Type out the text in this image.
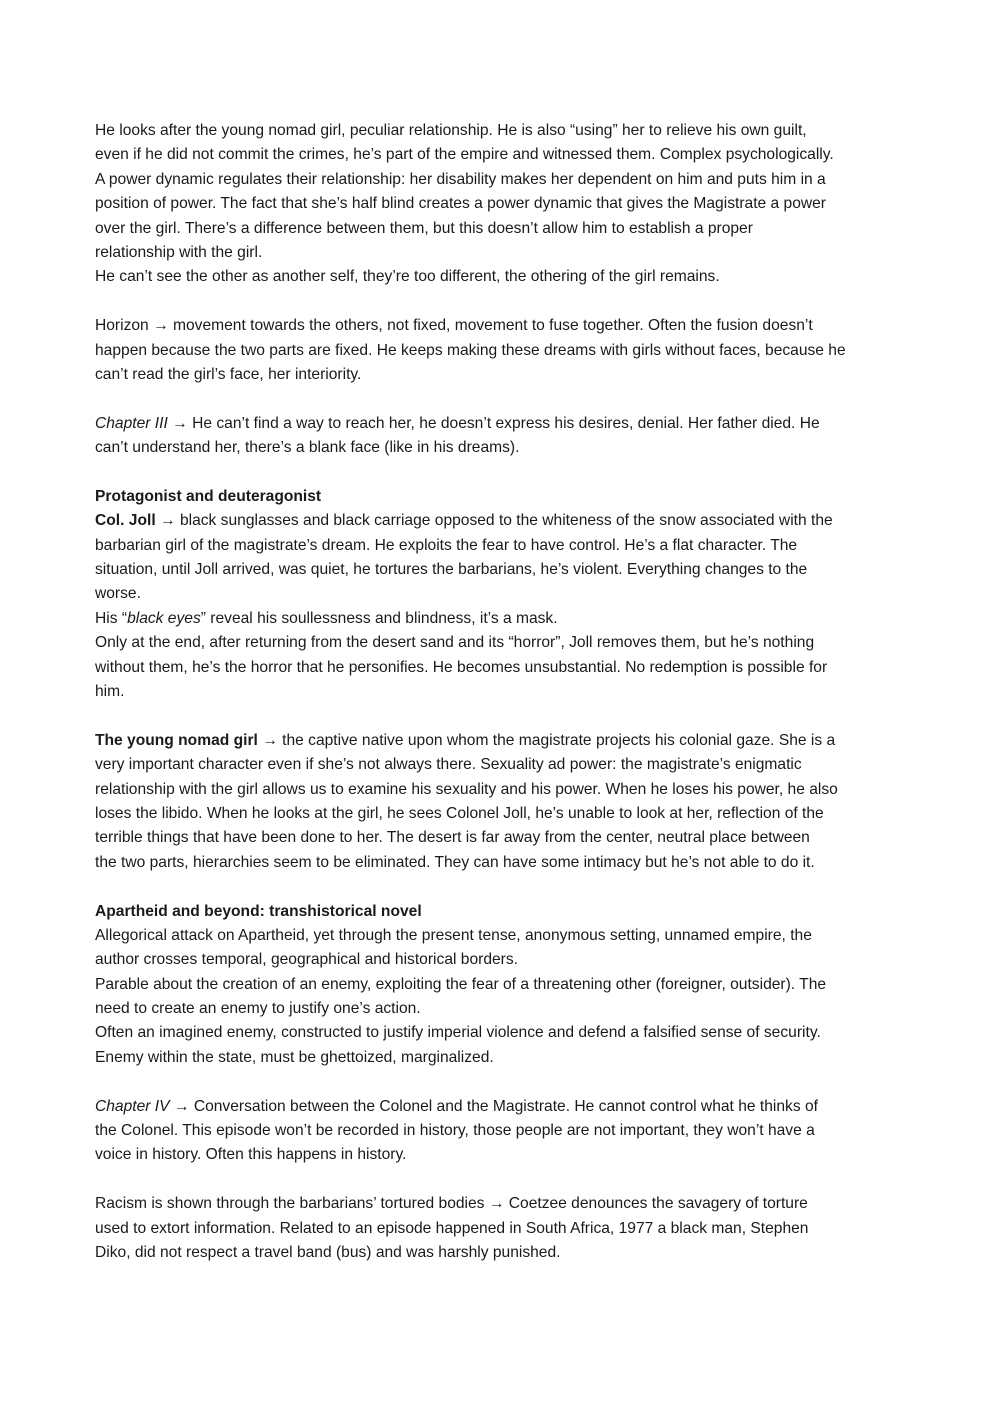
He looks after the young nomad girl, peculiar relationship. He is also “using” her to relieve his own guilt,
even if he did not commit the crimes, he’s part of the empire and witnessed them. Complex psychologically.
A power dynamic regulates their relationship: her disability makes her dependent on him and puts him in a
position of power. The fact that she’s half blind creates a power dynamic that gives the Magistrate a power
over the girl. There’s a difference between them, but this doesn’t allow him to establish a proper
relationship with the girl.
He can’t see the other as another self, they’re too different, the othering of the girl remains.
Horizon → movement towards the others, not fixed, movement to fuse together. Often the fusion doesn’t
happen because the two parts are fixed. He keeps making these dreams with girls without faces, because he
can’t read the girl’s face, her interiority.
Chapter III → He can’t find a way to reach her, he doesn’t express his desires, denial. Her father died. He
can’t understand her, there’s a blank face (like in his dreams).
Protagonist and deuteragonist
Col. Joll → black sunglasses and black carriage opposed to the whiteness of the snow associated with the
barbarian girl of the magistrate’s dream. He exploits the fear to have control. He’s a flat character. The
situation, until Joll arrived, was quiet, he tortures the barbarians, he’s violent. Everything changes to the
worse.
His “black eyes” reveal his soullessness and blindness, it’s a mask.
Only at the end, after returning from the desert sand and its “horror”, Joll removes them, but he’s nothing
without them, he’s the horror that he personifies. He becomes unsubstantial. No redemption is possible for
him.
The young nomad girl → the captive native upon whom the magistrate projects his colonial gaze. She is a
very important character even if she’s not always there. Sexuality ad power: the magistrate’s enigmatic
relationship with the girl allows us to examine his sexuality and his power. When he loses his power, he also
loses the libido. When he looks at the girl, he sees Colonel Joll, he’s unable to look at her, reflection of the
terrible things that have been done to her. The desert is far away from the center, neutral place between
the two parts, hierarchies seem to be eliminated. They can have some intimacy but he’s not able to do it.
Apartheid and beyond: transhistorical novel
Allegorical attack on Apartheid, yet through the present tense, anonymous setting, unnamed empire, the
author crosses temporal, geographical and historical borders.
Parable about the creation of an enemy, exploiting the fear of a threatening other (foreigner, outsider). The
need to create an enemy to justify one’s action.
Often an imagined enemy, constructed to justify imperial violence and defend a falsified sense of security.
Enemy within the state, must be ghettoized, marginalized.
Chapter IV → Conversation between the Colonel and the Magistrate. He cannot control what he thinks of
the Colonel. This episode won’t be recorded in history, those people are not important, they won’t have a
voice in history. Often this happens in history.
Racism is shown through the barbarians’ tortured bodies → Coetzee denounces the savagery of torture
used to extort information. Related to an episode happened in South Africa, 1977 a black man, Stephen
Diko, did not respect a travel band (bus) and was harshly punished.
